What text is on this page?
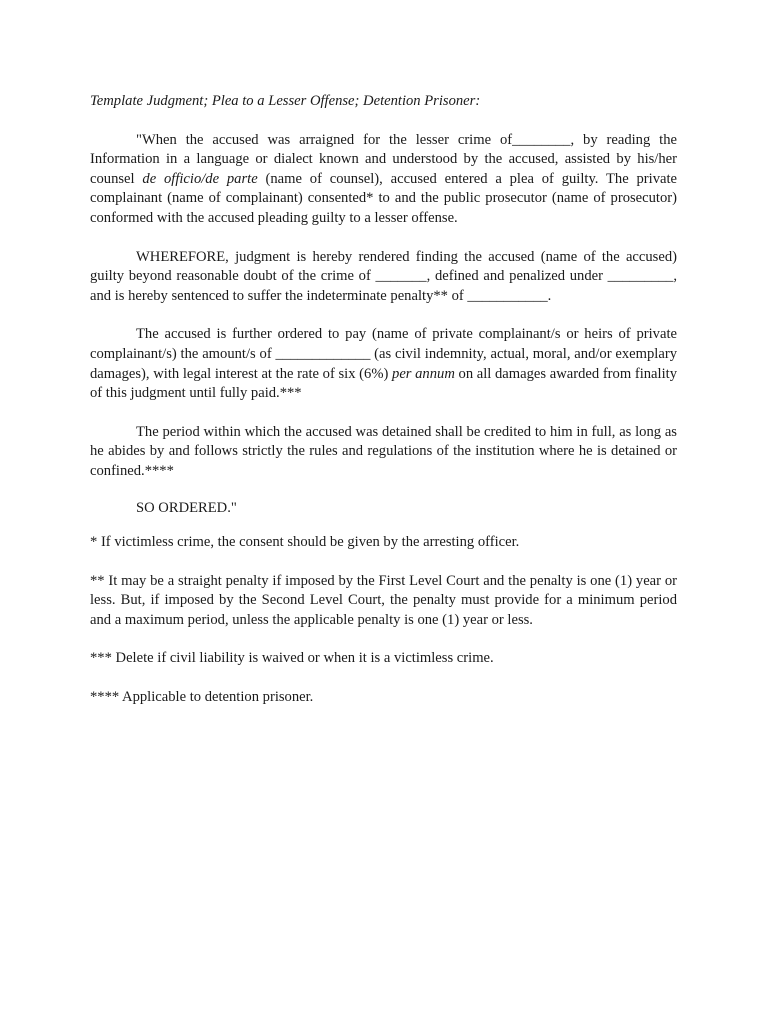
Template Judgment; Plea to a Lesser Offense; Detention Prisoner:

"When the accused was arraigned for the lesser crime of________, by reading the Information in a language or dialect known and understood by the accused, assisted by his/her counsel de officio/de parte (name of counsel), accused entered a plea of guilty. The private complainant (name of complainant) consented* to and the public prosecutor (name of prosecutor) conformed with the accused pleading guilty to a lesser offense.

WHEREFORE, judgment is hereby rendered finding the accused (name of the accused) guilty beyond reasonable doubt of the crime of _______, defined and penalized under _________, and is hereby sentenced to suffer the indeterminate penalty** of ___________.

The accused is further ordered to pay (name of private complainant/s or heirs of private complainant/s) the amount/s of _____________ (as civil indemnity, actual, moral, and/or exemplary damages), with legal interest at the rate of six (6%) per annum on all damages awarded from finality of this judgment until fully paid.***

The period within which the accused was detained shall be credited to him in full, as long as he abides by and follows strictly the rules and regulations of the institution where he is detained or confined.****

SO ORDERED."

* If victimless crime, the consent should be given by the arresting officer.

** It may be a straight penalty if imposed by the First Level Court and the penalty is one (1) year or less. But, if imposed by the Second Level Court, the penalty must provide for a minimum period and a maximum period, unless the applicable penalty is one (1) year or less.

*** Delete if civil liability is waived or when it is a victimless crime.

**** Applicable to detention prisoner.
